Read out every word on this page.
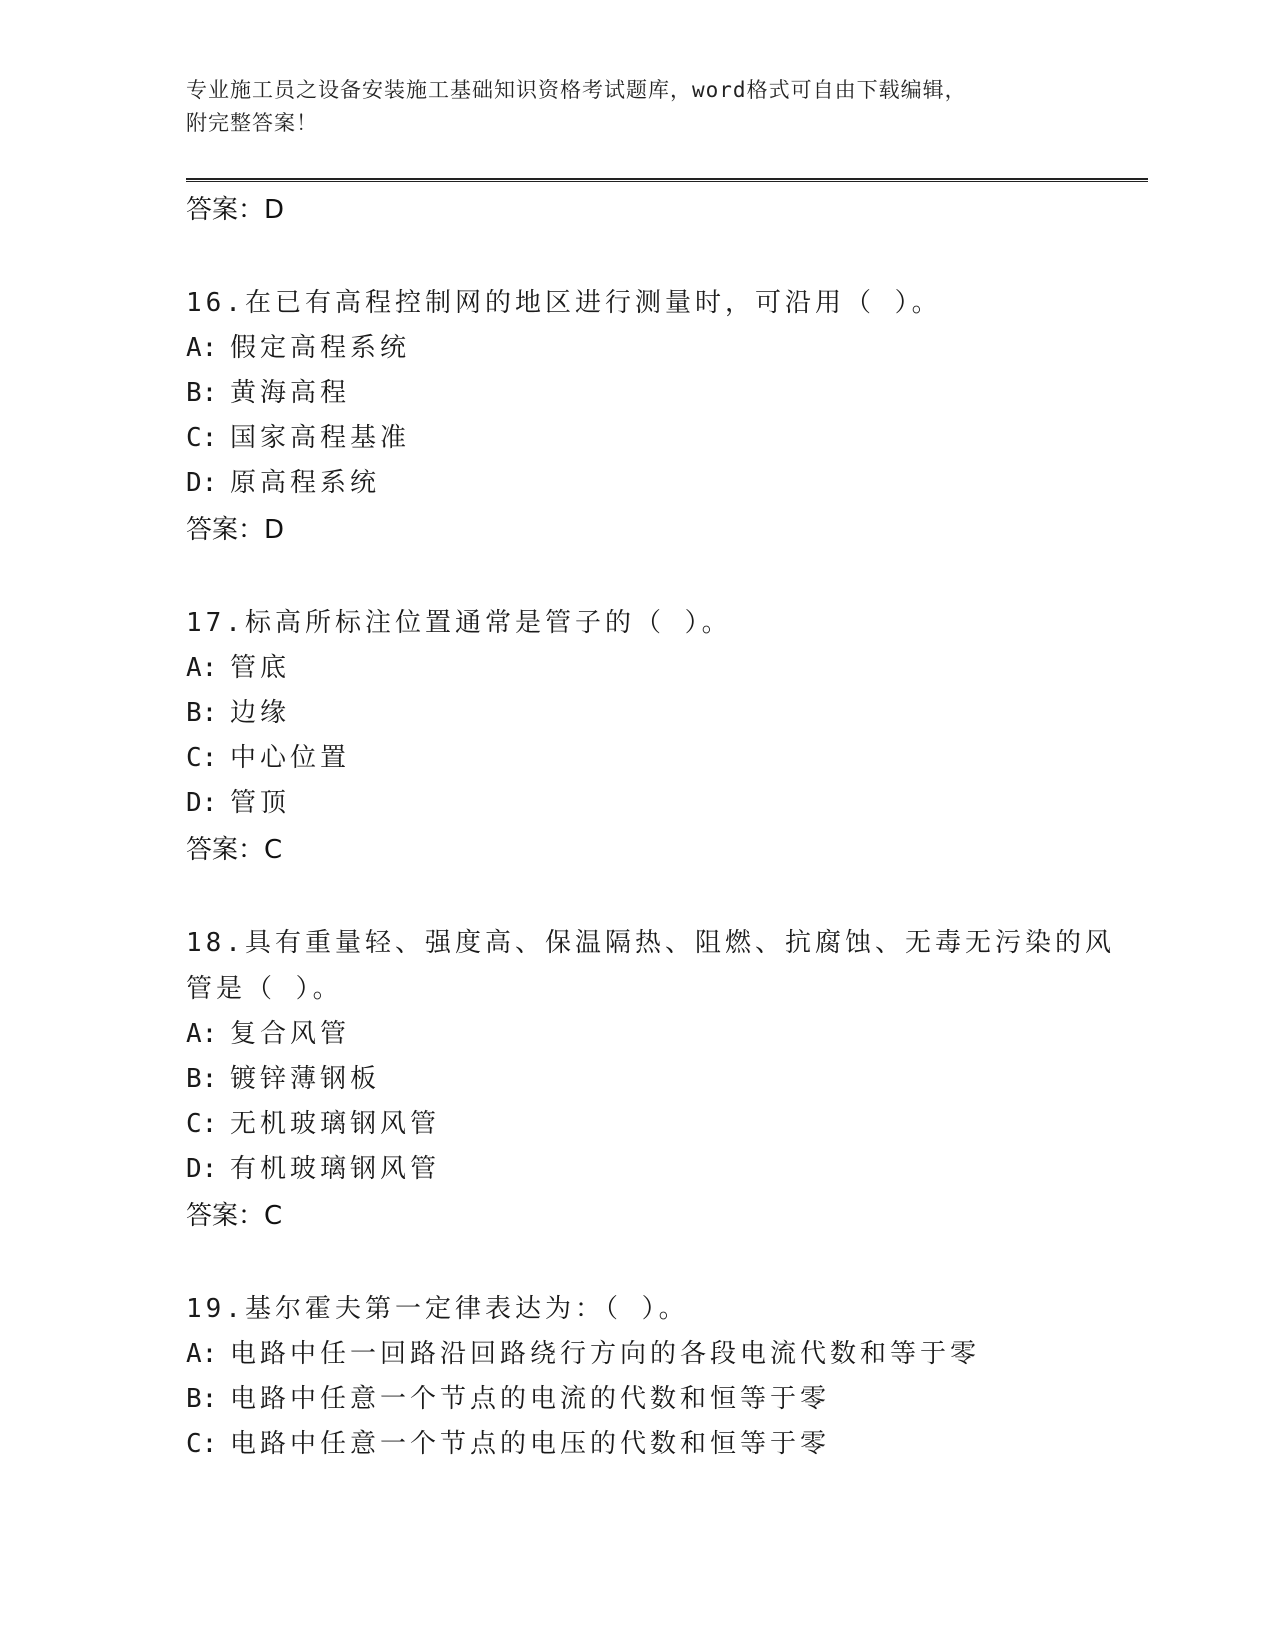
专业施工员之设备安装施工基础知识资格考试题库，word格式可自由下载编辑，
附完整答案！
答案：D
16.在已有高程控制网的地区进行测量时，可沿用（ ）。
A: 假定高程系统
B: 黄海高程
C: 国家高程基准
D: 原高程系统
答案：D
17.标高所标注位置通常是管子的（ ）。
A: 管底
B: 边缘
C: 中心位置
D: 管顶
答案：C
18.具有重量轻、强度高、保温隔热、阻燃、抗腐蚀、无毒无污染的风
管是（ ）。
A: 复合风管
B: 镀锌薄钢板
C: 无机玻璃钢风管
D: 有机玻璃钢风管
答案：C
19.基尔霍夫第一定律表达为：（ ）。
A: 电路中任一回路沿回路绕行方向的各段电流代数和等于零
B: 电路中任意一个节点的电流的代数和恒等于零
C: 电路中任意一个节点的电压的代数和恒等于零
